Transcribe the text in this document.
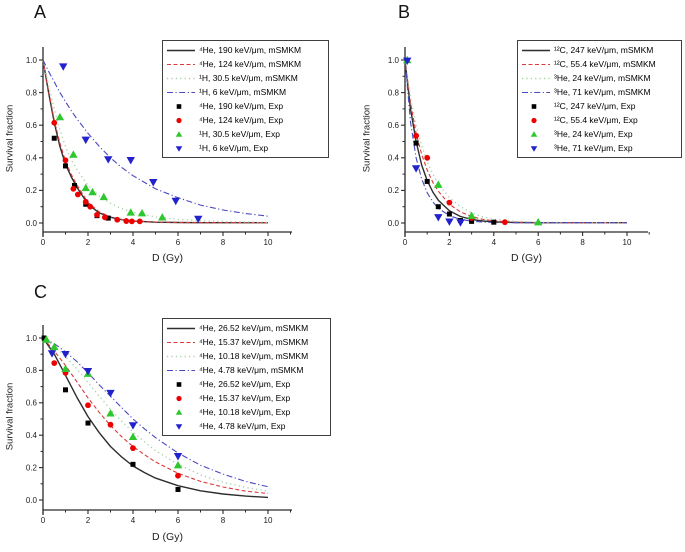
A
Survival fraction
0.0
0.2
0.4
0.6
0.8
1.0
0	2	4	6	8	10
D (Gy)
⁴He, 190 keV/μm, mSMKM
⁴He, 124 keV/μm, mSMKM
¹H, 30.5 keV/μm, mSMKM
¹H, 6 keV/μm, mSMKM
⁴He, 190 keV/μm, Exp
⁴He, 124 keV/μm, Exp
¹H, 30.5 keV/μm, Exp
¹H, 6 keV/μm, Exp
B
Survival fraction
0.0
0.2
0.4
0.6
0.8
1.0
0	2	4	6	8	10
D (Gy)
¹²C, 247 keV/μm, mSMKM
¹²C, 55.4 keV/μm, mSMKM
³He, 24 keV/μm, mSMKM
³He, 71 keV/μm, mSMKM
¹²C, 247 keV/μm, Exp
¹²C, 55.4 keV/μm, Exp
³He, 24 keV/μm, Exp
³He, 71 keV/μm, Exp
C
Survival fraction
0.0
0.2
0.4
0.6
0.8
1.0
0	2	4	6	8	10
D (Gy)
⁴He, 26.52 keV/μm, mSMKM
⁴He, 15.37 keV/μm, mSMKM
⁴He, 10.18 keV/μm, mSMKM
⁴He, 4.78 keV/μm, mSMKM
⁴He, 26.52 keV/μm, Exp
⁴He, 15.37 keV/μm, Exp
⁴He, 10.18 keV/μm, Exp
⁴He, 4.78 keV/μm, Exp
